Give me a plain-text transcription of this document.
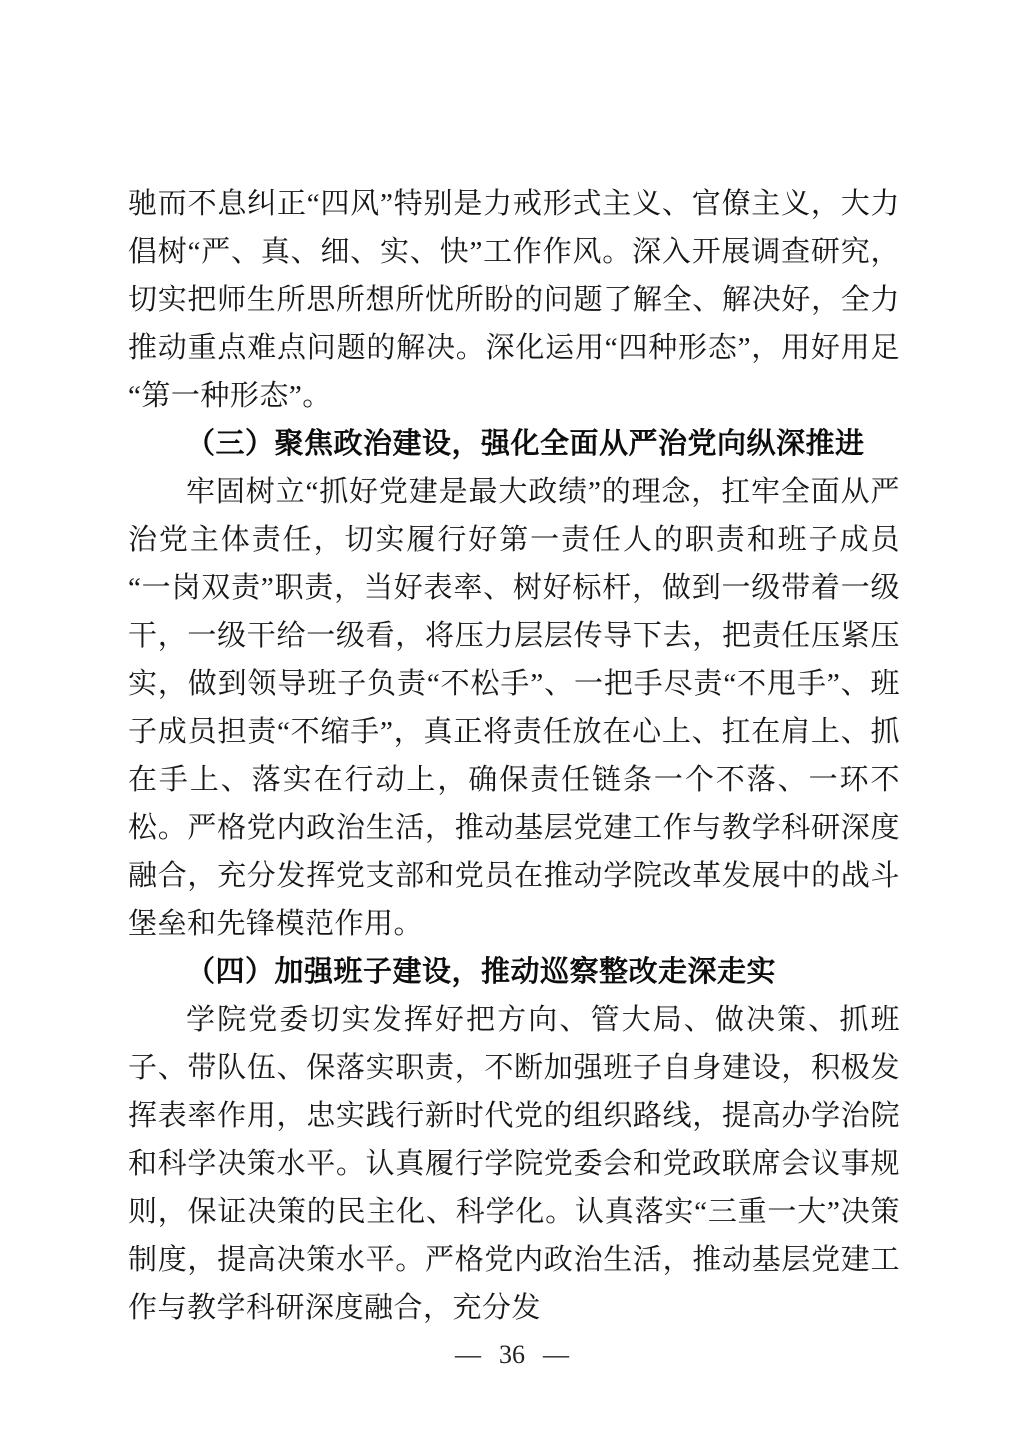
驰而不息纠正“四风”特别是力戒形式主义、官僚主义，大力倡树“严、真、细、实、快”工作作风。深入开展调查研究，切实把师生所思所想所忧所盼的问题了解全、解决好，全力推动重点难点问题的解决。深化运用“四种形态”，用好用足“第一种形态”。

（三）聚焦政治建设，强化全面从严治党向纵深推进

牢固树立“抓好党建是最大政绩”的理念，扛牢全面从严治党主体责任，切实履行好第一责任人的职责和班子成员“一岗双责”职责，当好表率、树好标杆，做到一级带着一级干，一级干给一级看，将压力层层传导下去，把责任压紧压实，做到领导班子负责“不松手”、一把手尽责“不甩手”、班子成员担责“不缩手”，真正将责任放在心上、扛在肩上、抓在手上、落实在行动上，确保责任链条一个不落、一环不松。严格党内政治生活，推动基层党建工作与教学科研深度融合，充分发挥党支部和党员在推动学院改革发展中的战斗堡垒和先锋模范作用。

（四）加强班子建设，推动巡察整改走深走实

学院党委切实发挥好把方向、管大局、做决策、抓班子、带队伍、保落实职责，不断加强班子自身建设，积极发挥表率作用，忠实践行新时代党的组织路线，提高办学治院和科学决策水平。认真履行学院党委会和党政联席会议事规则，保证决策的民主化、科学化。认真落实“三重一大”决策制度，提高决策水平。严格党内政治生活，推动基层党建工作与教学科研深度融合，充分发

— 36 —
